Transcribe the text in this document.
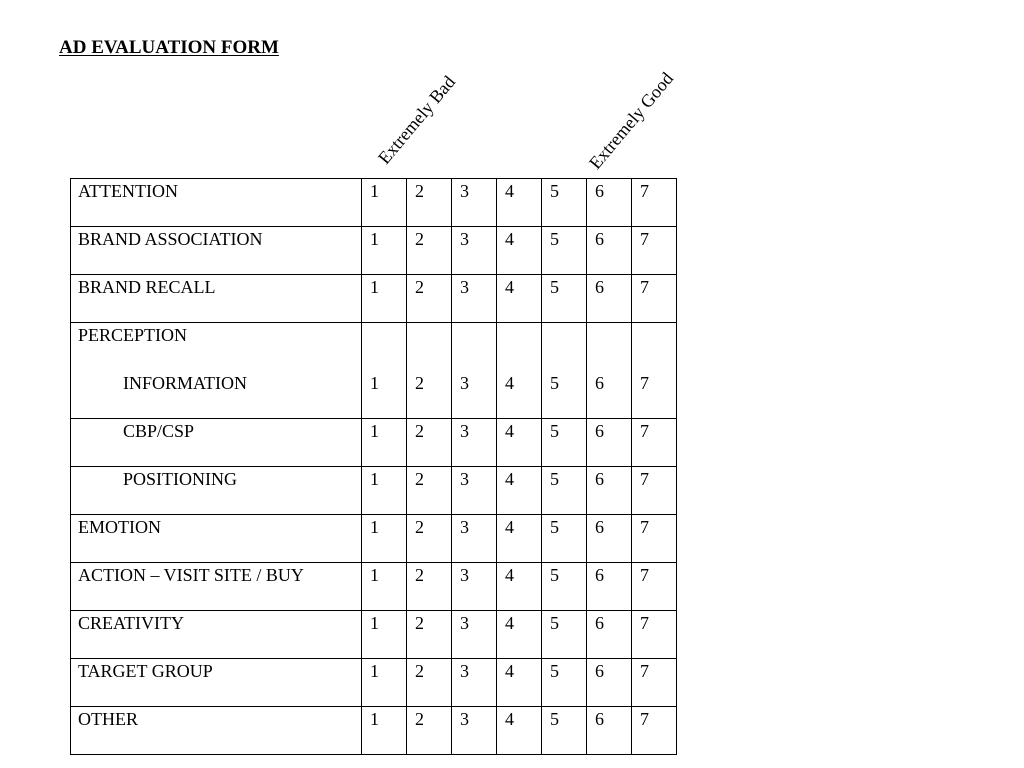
AD EVALUATION FORM
Extremely Bad	Extremely Good
ATTENTION	1	2	3	4	5	6	7
BRAND ASSOCIATION	1	2	3	4	5	6	7
BRAND RECALL	1	2	3	4	5	6	7

PERCEPTION
INFORMATION	1	2	3	4	5	6	7

CBP/CSP	1	2	3	4	5	6	7

POSITIONING	1	2	3	4	5	6	7
EMOTION	1	2	3	4	5	6	7
ACTION – VISIT SITE / BUY	1	2	3	4	5	6	7
CREATIVITY	1	2	3	4	5	6	7
TARGET GROUP	1	2	3	4	5	6	7
OTHER	1	2	3	4	5	6	7
